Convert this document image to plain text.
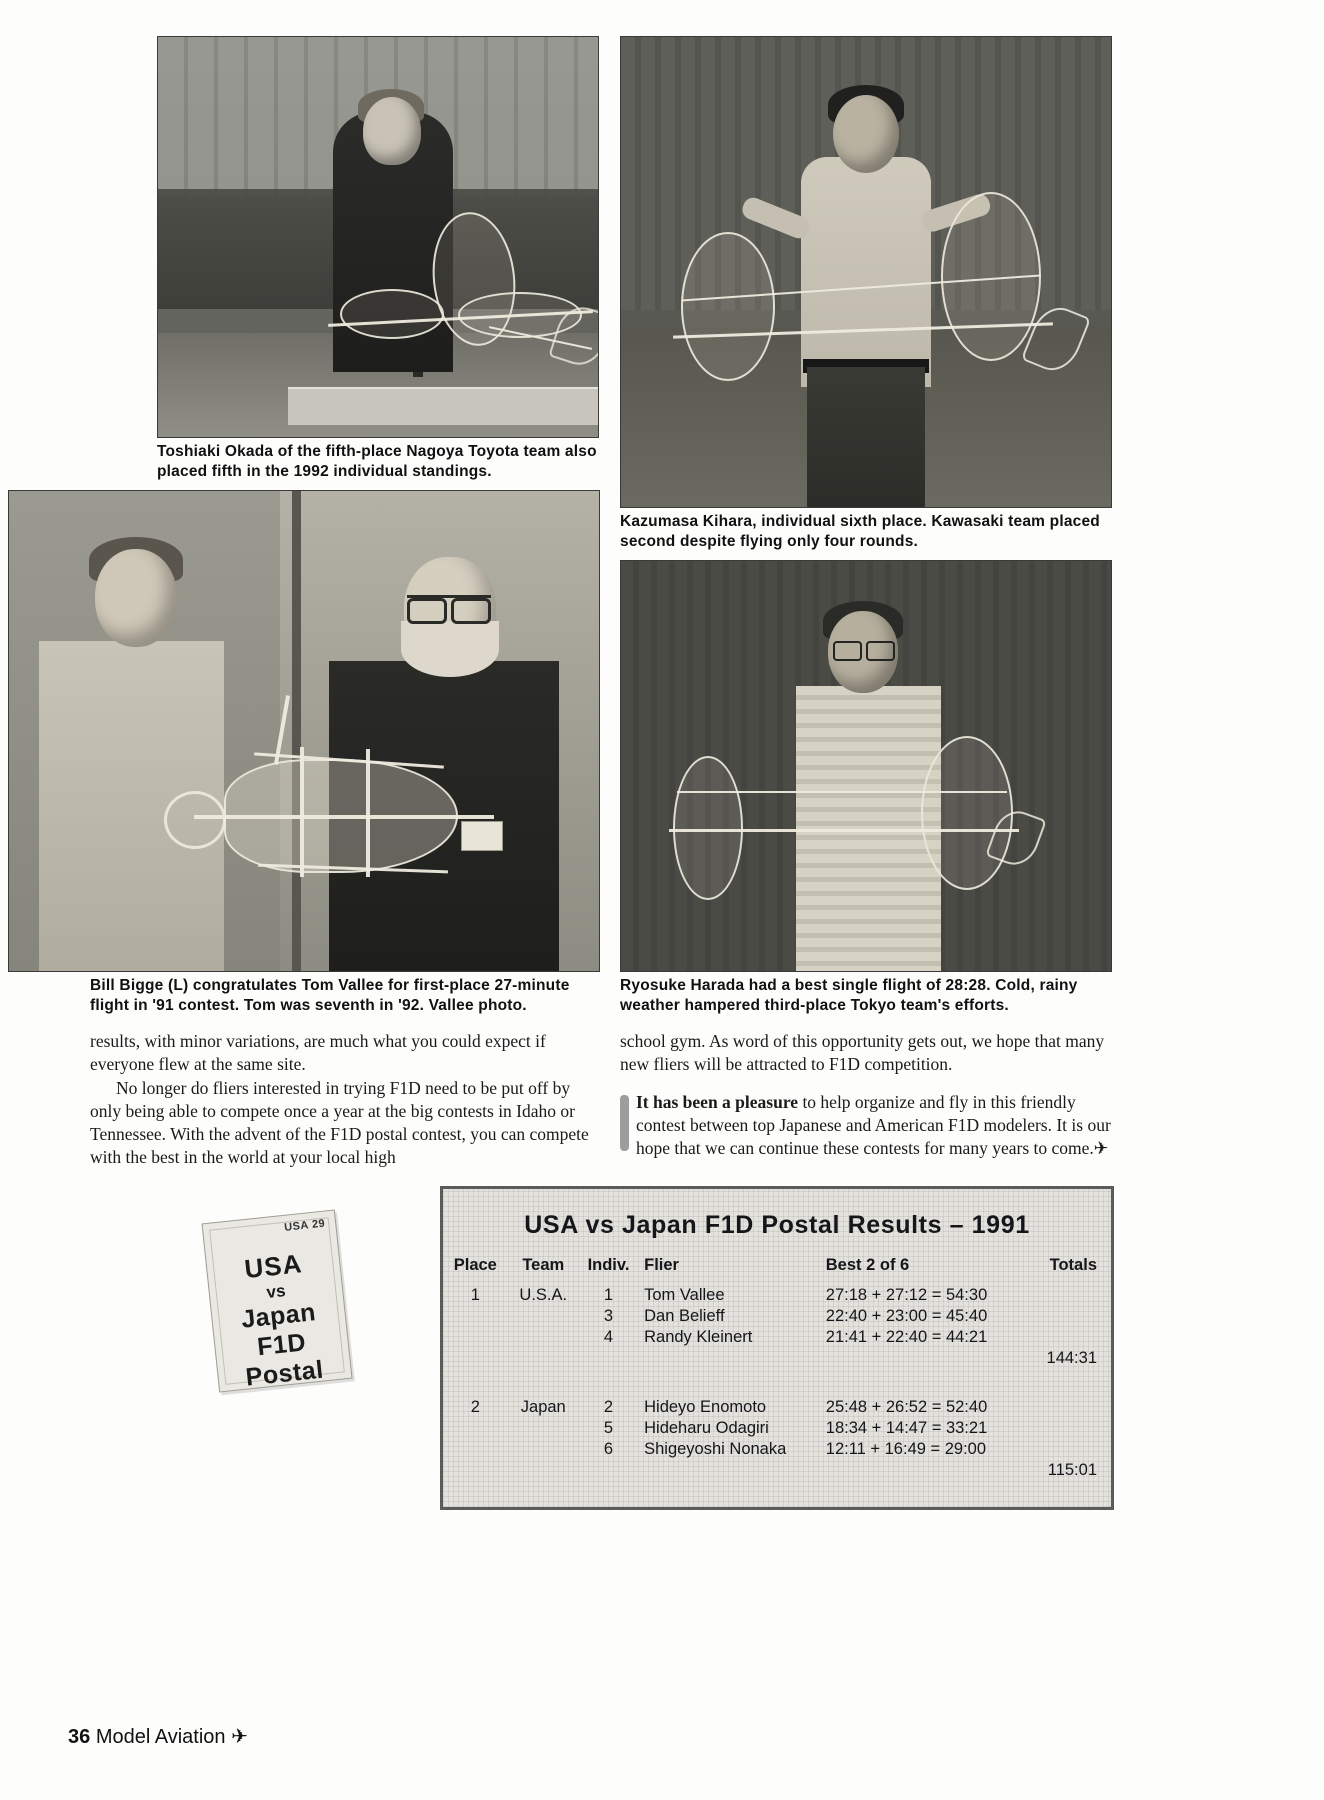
Toshiaki Okada of the fifth-place Nagoya Toyota team also placed fifth in the 1992 individual standings.
Kazumasa Kihara, individual sixth place. Kawasaki team placed second despite flying only four rounds.
Bill Bigge (L) congratulates Tom Vallee for first-place 27-minute flight in '91 contest. Tom was seventh in '92. Vallee photo.
Ryosuke Harada had a best single flight of 28:28. Cold, rainy weather hampered third-place Tokyo team's efforts.

results, with minor variations, are much what you could expect if everyone flew at the same site.

No longer do fliers interested in trying F1D need to be put off by only being able to compete once a year at the big contests in Idaho or Tennessee. With the advent of the F1D postal contest, you can compete with the best in the world at your local high

school gym. As word of this opportunity gets out, we hope that many new fliers will be attracted to F1D competition.

It has been a pleasure to help organize and fly in this friendly contest between top Japanese and American F1D modelers. It is our hope that we can continue these contests for many years to come.✈
USA 29
USA
vs
Japan
F1D
Postal
USA vs Japan F1D Postal Results – 1991
Place	Team	Indiv.	Flier	Best 2 of 6	Totals
1	U.S.A.	1	Tom Vallee	27:18 + 27:12 = 54:30	
		3	Dan Belieff	22:40 + 23:00 = 45:40	
		4	Randy Kleinert	21:41 + 22:40 = 44:21	
144:31					

2	Japan	2	Hideyo Enomoto	25:48 + 26:52 = 52:40	
		5	Hideharu Odagiri	18:34 + 14:47 = 33:21	
		6	Shigeyoshi Nonaka	12:11 + 16:49 = 29:00	
115:01					
36 Model Aviation ✈
